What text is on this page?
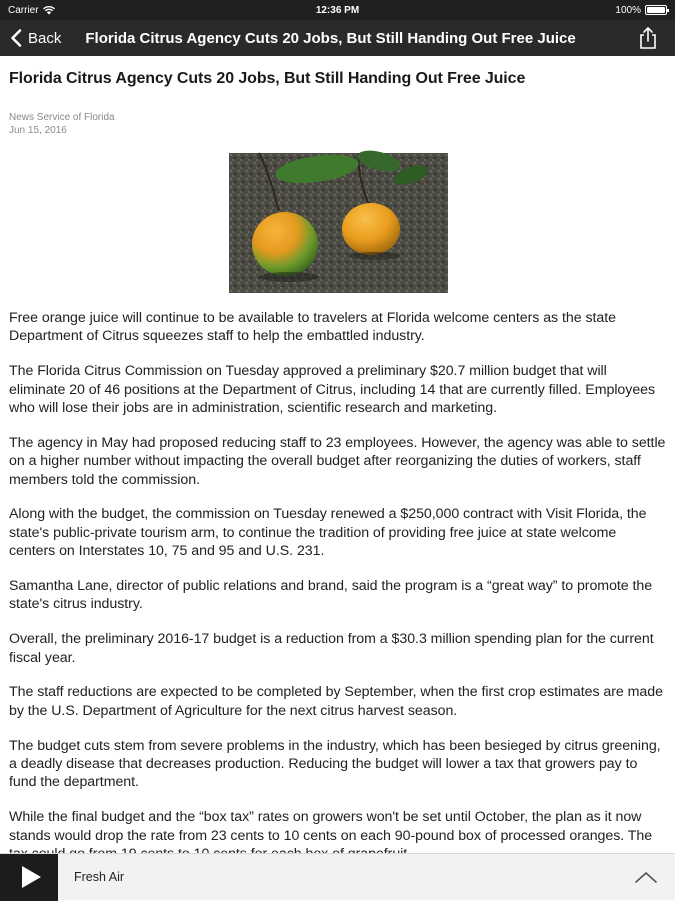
Carrier	12:36 PM	100%
Back Florida Citrus Agency Cuts 20 Jobs, But Still Handing Out Free Juice
Florida Citrus Agency Cuts 20 Jobs, But Still Handing Out Free Juice
News Service of Florida
Jun 15, 2016

Free orange juice will continue to be available to travelers at Florida welcome centers as the state Department of Citrus squeezes staff to help the embattled industry.

The Florida Citrus Commission on Tuesday approved a preliminary $20.7 million budget that will eliminate 20 of 46 positions at the Department of Citrus, including 14 that are currently filled. Employees who will lose their jobs are in administration, scientific research and marketing.

The agency in May had proposed reducing staff to 23 employees. However, the agency was able to settle on a higher number without impacting the overall budget after reorganizing the duties of workers, staff members told the commission.

Along with the budget, the commission on Tuesday renewed a $250,000 contract with Visit Florida, the state's public-private tourism arm, to continue the tradition of providing free juice at state welcome centers on Interstates 10, 75 and 95 and U.S. 231.

Samantha Lane, director of public relations and brand, said the program is a “great way” to promote the state's citrus industry.

Overall, the preliminary 2016-17 budget is a reduction from a $30.3 million spending plan for the current fiscal year.

The staff reductions are expected to be completed by September, when the first crop estimates are made by the U.S. Department of Agriculture for the next citrus harvest season.

The budget cuts stem from severe problems in the industry, which has been besieged by citrus greening, a deadly disease that decreases production. Reducing the budget will lower a tax that growers pay to fund the department.

While the final budget and the “box tax” rates on growers won't be set until October, the plan as it now stands would drop the rate from 23 cents to 10 cents on each 90-pound box of processed oranges. The

Fresh Air
